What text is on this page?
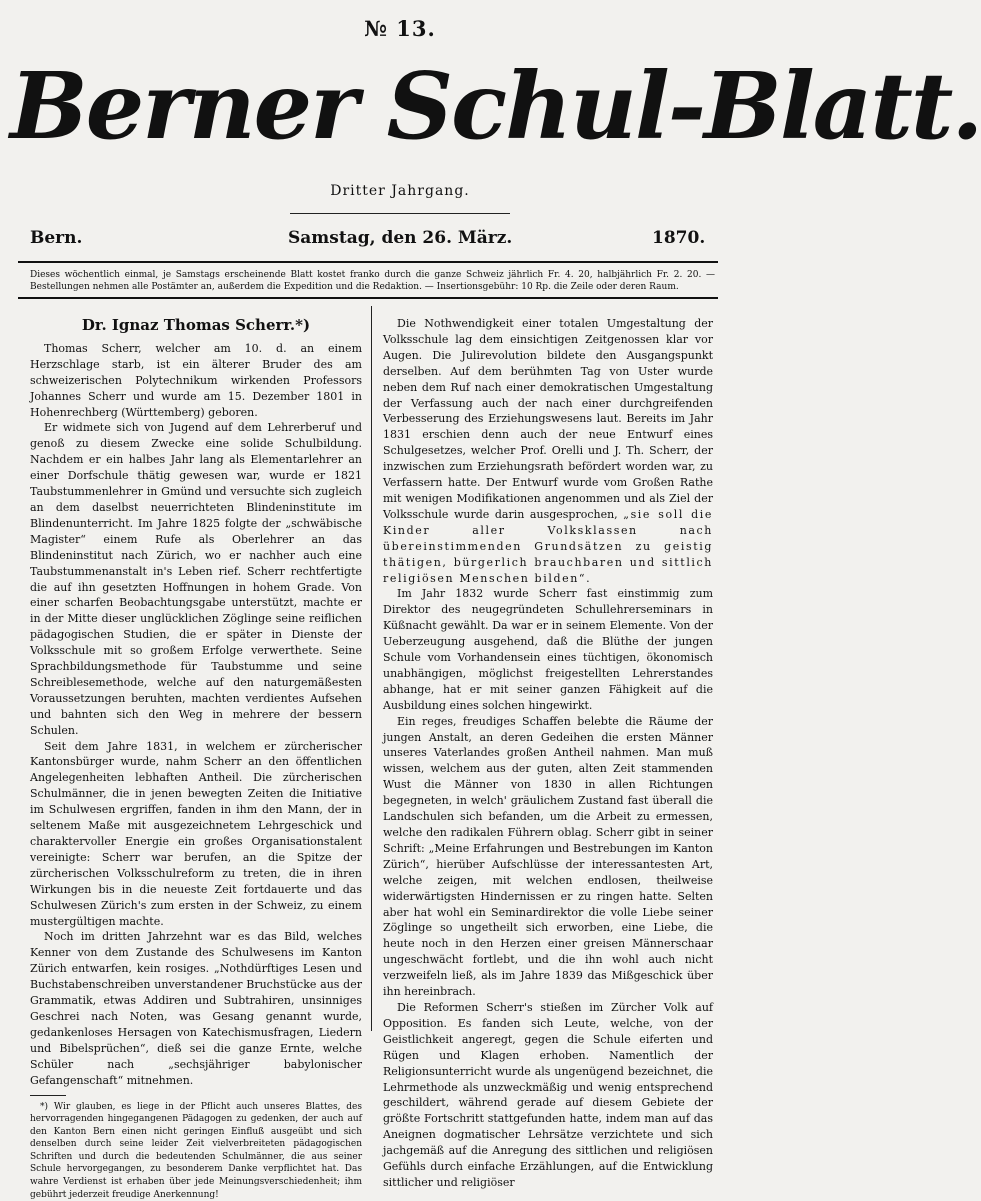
№ 13.
Berner Schul-Blatt.
Dritter Jahrgang.
Bern.	Samstag, den 26. März.	1870.
Dieses wöchentlich einmal, je Samstags erscheinende Blatt kostet franko durch die ganze Schweiz jährlich Fr. 4. 20, halbjährlich Fr. 2. 20. — Bestellungen nehmen alle Postämter an, außerdem die Expedition und die Redaktion. — Insertionsgebühr: 10 Rp. die Zeile oder deren Raum.
Dr. Ignaz Thomas Scherr.*)

Thomas Scherr, welcher am 10. d. an einem Herzschlage starb, ist ein älterer Bruder des am schweizerischen Polytechnikum wirkenden Professors Johannes Scherr und wurde am 15. Dezember 1801 in Hohenrechberg (Württemberg) geboren.

Er widmete sich von Jugend auf dem Lehrerberuf und genoß zu diesem Zwecke eine solide Schulbildung. Nachdem er ein halbes Jahr lang als Elementarlehrer an einer Dorfschule thätig gewesen war, wurde er 1821 Taubstummenlehrer in Gmünd und versuchte sich zugleich an dem daselbst neuerrichteten Blindeninstitute im Blindenunterricht. Im Jahre 1825 folgte der „schwäbische Magister“ einem Rufe als Oberlehrer an das Blindeninstitut nach Zürich, wo er nachher auch eine Taubstummenanstalt in's Leben rief. Scherr rechtfertigte die auf ihn gesetzten Hoffnungen in hohem Grade. Von einer scharfen Beobachtungsgabe unterstützt, machte er in der Mitte dieser unglücklichen Zöglinge seine reiflichen pädagogischen Studien, die er später in Dienste der Volksschule mit so großem Erfolge verwerthete. Seine Sprachbildungsmethode für Taubstumme und seine Schreiblesemethode, welche auf den naturgemäßesten Voraussetzungen beruhten, machten verdientes Aufsehen und bahnten sich den Weg in mehrere der bessern Schulen.

Seit dem Jahre 1831, in welchem er zürcherischer Kantonsbürger wurde, nahm Scherr an den öffentlichen Angelegenheiten lebhaften Antheil. Die zürcherischen Schulmänner, die in jenen bewegten Zeiten die Initiative im Schulwesen ergriffen, fanden in ihm den Mann, der in seltenem Maße mit ausgezeichnetem Lehrgeschick und charaktervoller Energie ein großes Organisationstalent vereinigte: Scherr war berufen, an die Spitze der zürcherischen Volksschulreform zu treten, die in ihren Wirkungen bis in die neueste Zeit fortdauerte und das Schulwesen Zürich's zum ersten in der Schweiz, zu einem mustergültigen machte.

Noch im dritten Jahrzehnt war es das Bild, welches Kenner von dem Zustande des Schulwesens im Kanton Zürich entwarfen, kein rosiges. „Nothdürftiges Lesen und Buchstabenschreiben unverstandener Bruchstücke aus der Grammatik, etwas Addiren und Subtrahiren, unsinniges Geschrei nach Noten, was Gesang genannt wurde, gedankenloses Hersagen von Katechismusfragen, Liedern und Bibelsprüchen“, dieß sei die ganze Ernte, welche Schüler nach „sechsjähriger babylonischer Gefangenschaft“ mitnehmen.

*) Wir glauben, es liege in der Pflicht auch unseres Blattes, des hervorragenden hingegangenen Pädagogen zu gedenken, der auch auf den Kanton Bern einen nicht geringen Einfluß ausgeübt und sich denselben durch seine leider Zeit vielverbreiteten pädagogischen Schriften und durch die bedeutenden Schulmänner, die aus seiner Schule hervorgegangen, zu besonderem Danke verpflichtet hat. Das wahre Verdienst ist erhaben über jede Meinungsverschiedenheit; ihm gebührt jederzeit freudige Anerkennung!

Die Nothwendigkeit einer totalen Umgestaltung der Volksschule lag dem einsichtigen Zeitgenossen klar vor Augen. Die Julirevolution bildete den Ausgangspunkt derselben. Auf dem berühmten Tag von Uster wurde neben dem Ruf nach einer demokratischen Umgestaltung der Verfassung auch der nach einer durchgreifenden Verbesserung des Erziehungswesens laut. Bereits im Jahr 1831 erschien denn auch der neue Entwurf eines Schulgesetzes, welcher Prof. Orelli und J. Th. Scherr, der inzwischen zum Erziehungsrath befördert worden war, zu Verfassern hatte. Der Entwurf wurde vom Großen Rathe mit wenigen Modifikationen angenommen und als Ziel der Volksschule wurde darin ausgesprochen, „sie soll die Kinder aller Volksklassen nach übereinstimmenden Grundsätzen zu geistig thätigen, bürgerlich brauchbaren und sittlich religiösen Menschen bilden“.

Im Jahr 1832 wurde Scherr fast einstimmig zum Direktor des neugegründeten Schullehrerseminars in Küßnacht gewählt. Da war er in seinem Elemente. Von der Ueberzeugung ausgehend, daß die Blüthe der jungen Schule vom Vorhandensein eines tüchtigen, ökonomisch unabhängigen, möglichst freigestellten Lehrerstandes abhange, hat er mit seiner ganzen Fähigkeit auf die Ausbildung eines solchen hingewirkt.

Ein reges, freudiges Schaffen belebte die Räume der jungen Anstalt, an deren Gedeihen die ersten Männer unseres Vaterlandes großen Antheil nahmen. Man muß wissen, welchem aus der guten, alten Zeit stammenden Wust die Männer von 1830 in allen Richtungen begegneten, in welch' gräulichem Zustand fast überall die Landschulen sich befanden, um die Arbeit zu ermessen, welche den radikalen Führern oblag. Scherr gibt in seiner Schrift: „Meine Erfahrungen und Bestrebungen im Kanton Zürich“, hierüber Aufschlüsse der interessantesten Art, welche zeigen, mit welchen endlosen, theilweise widerwärtigsten Hindernissen er zu ringen hatte. Selten aber hat wohl ein Seminardirektor die volle Liebe seiner Zöglinge so ungetheilt sich erworben, eine Liebe, die heute noch in den Herzen einer greisen Männerschaar ungeschwächt fortlebt, und die ihn wohl auch nicht verzweifeln ließ, als im Jahre 1839 das Mißgeschick über ihn hereinbrach.

Die Reformen Scherr's stießen im Zürcher Volk auf Opposition. Es fanden sich Leute, welche, von der Geistlichkeit angeregt, gegen die Schule eiferten und Rügen und Klagen erhoben. Namentlich der Religionsunterricht wurde als ungenügend bezeichnet, die Lehrmethode als unzweckmäßig und wenig entsprechend geschildert, während gerade auf diesem Gebiete der größte Fortschritt stattgefunden hatte, indem man auf das Aneignen dogmatischer Lehrsätze verzichtete und sich jachgemäß auf die Anregung des sittlichen und religiösen Gefühls durch einfache Erzählungen, auf die Entwicklung sittlicher und religiöser
